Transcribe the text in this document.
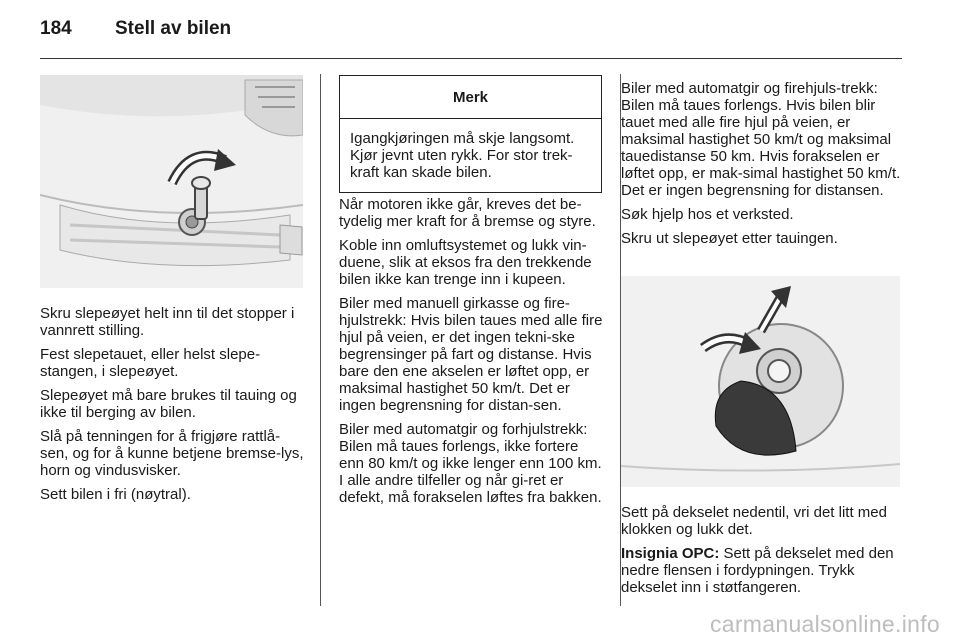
184 Stell av bilen

Skru slepeøyet helt inn til det stopper i vannrett stilling.

Fest slepetauet, eller helst slepe-stangen, i slepeøyet.

Slepeøyet må bare brukes til tauing og ikke til berging av bilen.

Slå på tenningen for å frigjøre rattlå-sen, og for å kunne betjene bremse-lys, horn og vindusvisker.

Sett bilen i fri (nøytral).

Merk
Igangkjøringen må skje langsomt. Kjør jevnt uten rykk. For stor trek-kraft kan skade bilen.

Når motoren ikke går, kreves det be-tydelig mer kraft for å bremse og styre.

Koble inn omluftsystemet og lukk vin-duene, slik at eksos fra den trekkende bilen ikke kan trenge inn i kupeen.

Biler med manuell girkasse og fire-hjulstrekk: Hvis bilen taues med alle fire hjul på veien, er det ingen tekni-ske begrensinger på fart og distanse. Hvis bare den ene akselen er løftet opp, er maksimal hastighet 50 km/t. Det er ingen begrensning for distan-sen.

Biler med automatgir og forhjulstrekk: Bilen må taues forlengs, ikke fortere enn 80 km/t og ikke lenger enn 100 km. I alle andre tilfeller og når gi-ret er defekt, må forakselen løftes fra bakken.

Biler med automatgir og firehjuls-trekk: Bilen må taues forlengs. Hvis bilen blir tauet med alle fire hjul på veien, er maksimal hastighet 50 km/t og maksimal tauedistanse 50 km. Hvis forakselen er løftet opp, er mak-simal hastighet 50 km/t. Det er ingen begrensning for distansen.

Søk hjelp hos et verksted.

Skru ut slepeøyet etter tauingen.

Sett på dekselet nedentil, vri det litt med klokken og lukk det.

Insignia OPC: Sett på dekselet med den nedre flensen i fordypningen. Trykk dekselet inn i støtfangeren.

carmanualsonline.info
